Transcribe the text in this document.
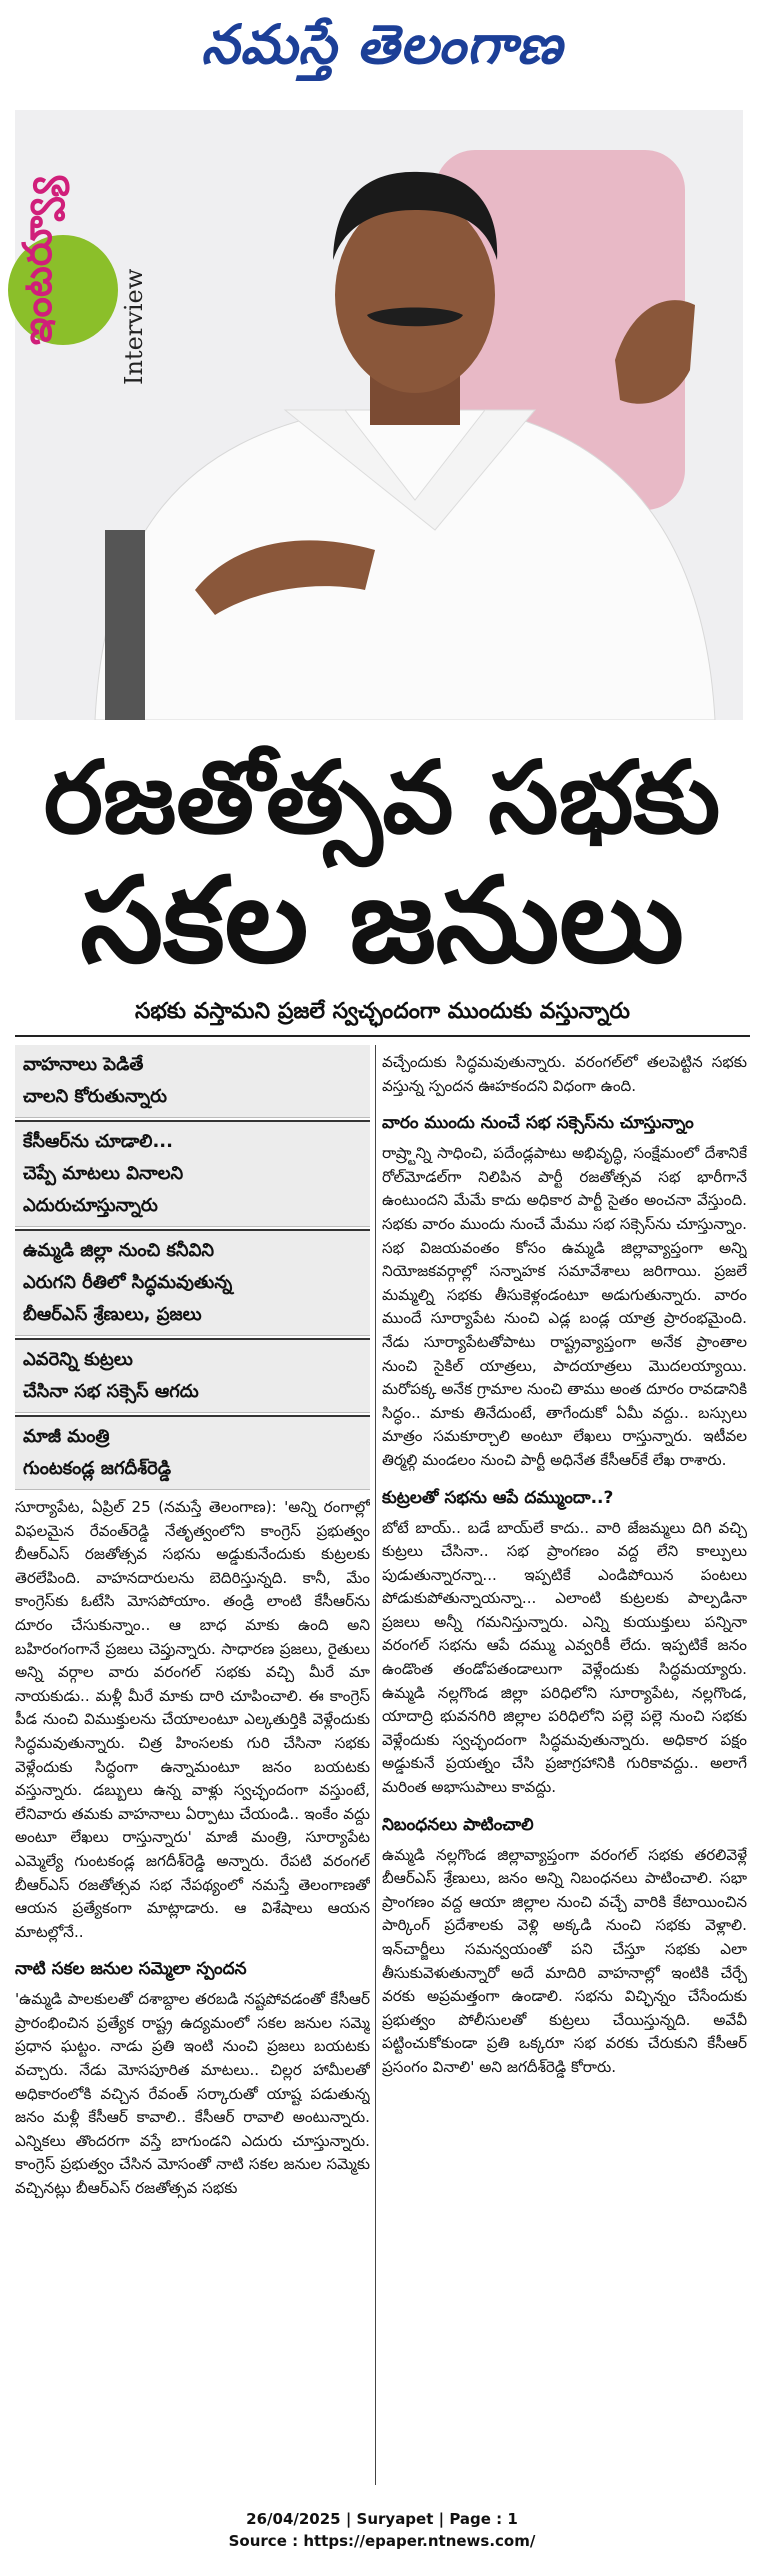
నమస్తే తెలంగాణ
ఇంటర్వ్యూ	Interview
రజతోత్సవ సభకు
సకల జనులు
సభకు వస్తామని ప్రజలే స్వచ్ఛందంగా ముందుకు వస్తున్నారు
వాహనాలు పెడితే
చాలని కోరుతున్నారు
కేసీఆర్‌ను చూడాలి...
చెప్పే మాటలు వినాలని
ఎదురుచూస్తున్నారు
ఉమ్మడి జిల్లా నుంచి కనీవిని
ఎరుగని రీతిలో సిద్ధమవుతున్న
బీఆర్‌ఎస్ శ్రేణులు, ప్రజలు
ఎవరెన్ని కుట్రలు
చేసినా సభ సక్సెస్ ఆగదు
మాజీ మంత్రి
గుంటకండ్ల జగదీశ్‌రెడ్డి

సూర్యాపేట, ఏప్రిల్ 25 (నమస్తే తెలంగాణ): 'అన్ని రంగాల్లో విఫలమైన రేవంత్‌రెడ్డి నేతృత్వంలోని కాంగ్రెస్ ప్రభుత్వం బీఆర్‌ఎస్ రజతోత్సవ సభను అడ్డుకునేందుకు కుట్రలకు తెరలేపింది. వాహనదారులను బెదిరిస్తున్నది. కానీ, మేం కాంగ్రెస్‌కు ఓటేసి మోసపోయాం. తండ్రి లాంటి కేసీఆర్‌ను దూరం చేసుకున్నాం.. ఆ బాధ మాకు ఉంది అని బహిరంగంగానే ప్రజలు చెప్తున్నారు. సాధారణ ప్రజలు, రైతులు అన్ని వర్గాల వారు వరంగల్ సభకు వచ్చి మీరే మా నాయకుడు.. మళ్లీ మీరే మాకు దారి చూపించాలి. ఈ కాంగ్రెస్ పీడ నుంచి విముక్తులను చేయాలంటూ ఎల్కతుర్తికి వెళ్లేందుకు సిద్ధమవుతున్నారు. చిత్ర హింసలకు గురి చేసినా సభకు వెళ్లేందుకు సిద్ధంగా ఉన్నామంటూ జనం బయటకు వస్తున్నారు. డబ్బులు ఉన్న వాళ్లు స్వచ్ఛందంగా వస్తుంటే, లేనివారు తమకు వాహనాలు ఏర్పాటు చేయండి.. ఇంకేం వద్దు అంటూ లేఖలు రాస్తున్నారు' మాజీ మంత్రి, సూర్యాపేట ఎమ్మెల్యే గుంటకండ్ల జగదీశ్‌రెడ్డి అన్నారు. రేపటి వరంగల్ బీఆర్‌ఎస్ రజతోత్సవ సభ నేపథ్యంలో నమస్తే తెలంగాణతో ఆయన ప్రత్యేకంగా మాట్లాడారు. ఆ విశేషాలు ఆయన మాటల్లోనే..

నాటి సకల జనుల సమ్మెలా స్పందన

'ఉమ్మడి పాలకులతో దశాబ్దాల తరబడి నష్టపోవడంతో కేసీఆర్ ప్రారంభించిన ప్రత్యేక రాష్ట్ర ఉద్యమంలో సకల జనుల సమ్మె ప్రధాన ఘట్టం. నాడు ప్రతి ఇంటి నుంచి ప్రజలు బయటకు వచ్చారు. నేడు మోసపూరిత మాటలు.. చిల్లర హామీలతో అధికారంలోకి వచ్చిన రేవంత్ సర్కారుతో యాష్ట పడుతున్న జనం మళ్లీ కేసీఆర్ కావాలి.. కేసీఆర్ రావాలి అంటున్నారు. ఎన్నికలు తొందరగా వస్తే బాగుండని ఎదురు చూస్తున్నారు. కాంగ్రెస్ ప్రభుత్వం చేసిన మోసంతో నాటి సకల జనుల సమ్మెకు వచ్చినట్లు బీఆర్‌ఎస్ రజతోత్సవ సభకు

వచ్చేందుకు సిద్ధమవుతున్నారు. వరంగల్‌లో తలపెట్టిన సభకు వస్తున్న స్పందన ఊహకందని విధంగా ఉంది.

వారం ముందు నుంచే సభ సక్సెస్‌ను చూస్తున్నాం

రాష్ర్టాన్ని సాధించి, పదేండ్లపాటు అభివృద్ధి, సంక్షేమంలో దేశానికే రోల్‌మోడల్‌గా నిలిపిన పార్టీ రజతోత్సవ సభ భారీగానే ఉంటుందని మేమే కాదు అధికార పార్టీ సైతం అంచనా వేస్తుంది. సభకు వారం ముందు నుంచే మేము సభ సక్సెస్‌ను చూస్తున్నాం. సభ విజయవంతం కోసం ఉమ్మడి జిల్లావ్యాప్తంగా అన్ని నియోజకవర్గాల్లో సన్నాహక సమావేశాలు జరిగాయి. ప్రజలే మమ్మల్ని సభకు తీసుకెళ్లండంటూ అడుగుతున్నారు. వారం ముందే సూర్యాపేట నుంచి ఎడ్ల బండ్ల యాత్ర ప్రారంభమైంది. నేడు సూర్యాపేటతోపాటు రాష్ట్రవ్యాప్తంగా అనేక ప్రాంతాల నుంచి సైకిల్ యాత్రలు, పాదయాత్రలు మొదలయ్యాయి. మరోపక్క అనేక గ్రామాల నుంచి తాము అంత దూరం రావడానికి సిద్ధం.. మాకు తినేదుంటే, తాగేందుకో ఏమీ వద్దు.. బస్సులు మాత్రం సమకూర్చాలి అంటూ లేఖలు రాస్తున్నారు. ఇటీవల తిర్మల్గి మండలం నుంచి పార్టీ అధినేత కేసీఆర్‌కే లేఖ రాశారు.

కుట్రలతో సభను ఆపే దమ్ముందా..?

బోటే బాయ్.. బడే బాయ్‌లే కాదు.. వారి జేజమ్మలు దిగి వచ్చి కుట్రలు చేసినా.. సభ ప్రాంగణం వద్ద లేని కాల్పులు పుడుతున్నారన్నా... ఇప్పటికే ఎండిపోయిన పంటలు పోడుకుపోతున్నాయన్నా... ఎలాంటి కుట్రలకు పాల్పడినా ప్రజలు అన్నీ గమనిస్తున్నారు. ఎన్ని కుయుక్తులు పన్నినా వరంగల్ సభను ఆపే దమ్ము ఎవ్వరికీ లేదు. ఇప్పటికే జనం ఉండొంత తండోపతండాలుగా వెళ్లేందుకు సిద్ధమయ్యారు. ఉమ్మడి నల్లగొండ జిల్లా పరిధిలోని సూర్యాపేట, నల్లగొండ, యాదాద్రి భువనగిరి జిల్లాల పరిధిలోని పల్లె పల్లె నుంచి సభకు వెళ్లేందుకు స్వచ్ఛందంగా సిద్ధమవుతున్నారు. అధికార పక్షం అడ్డుకునే ప్రయత్నం చేసి ప్రజాగ్రహానికి గురికావద్దు.. అలాగే మరింత అభాసుపాలు కావద్దు.

నిబంధనలు పాటించాలి

ఉమ్మడి నల్లగొండ జిల్లావ్యాప్తంగా వరంగల్ సభకు తరలివెళ్లే బీఆర్‌ఎస్ శ్రేణులు, జనం అన్ని నిబంధనలు పాటించాలి. సభా ప్రాంగణం వద్ద ఆయా జిల్లాల నుంచి వచ్చే వారికి కేటాయించిన పార్కింగ్ ప్రదేశాలకు వెళ్లి అక్కడి నుంచి సభకు వెళ్లాలి. ఇన్‌చార్జీలు సమన్వయంతో పని చేస్తూ సభకు ఎలా తీసుకువెళుతున్నారో అదే మాదిరి వాహనాల్లో ఇంటికి చేర్చే వరకు అప్రమత్తంగా ఉండాలి. సభను విచ్ఛిన్నం చేసేందుకు ప్రభుత్వం పోలీసులతో కుట్రలు చేయిస్తున్నది. అవేవీ పట్టించుకోకుండా ప్రతి ఒక్కరూ సభ వరకు చేరుకుని కేసీఆర్ ప్రసంగం వినాలి' అని జగదీశ్‌రెడ్డి కోరారు.

26/04/2025 | Suryapet | Page : 1
Source : https://epaper.ntnews.com/
